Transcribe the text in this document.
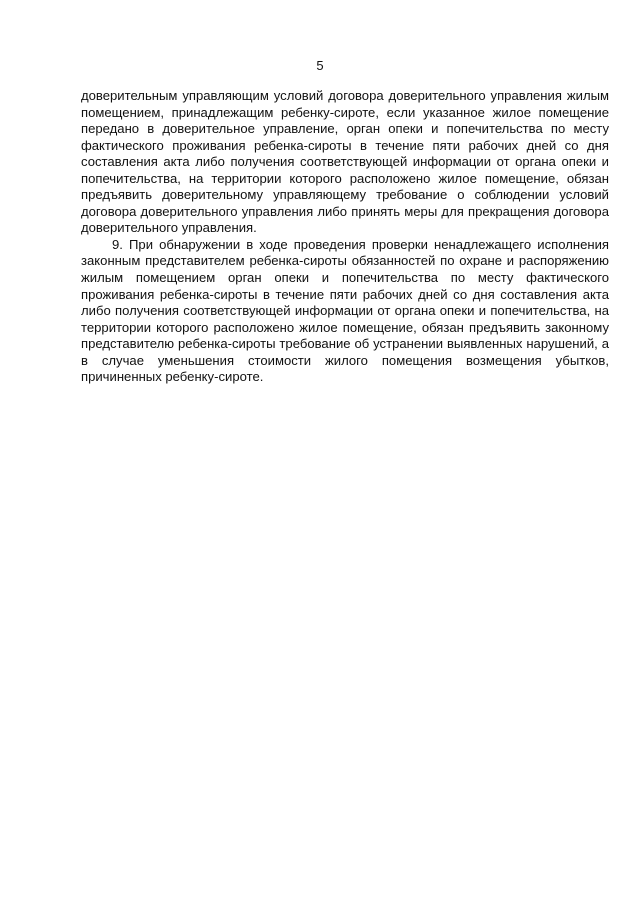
5

доверительным управляющим условий договора доверительного управления жилым помещением, принадлежащим ребенку-сироте, если указанное жилое помещение передано в доверительное управление, орган опеки и попечительства по месту фактического проживания ребенка-сироты в течение пяти рабочих дней со дня составления акта либо получения соответствующей информации от органа опеки и попечительства, на территории которого расположено жилое помещение, обязан предъявить доверительному управляющему требование о соблюдении условий договора доверительного управления либо принять меры для прекращения договора доверительного управления.

9. При обнаружении в ходе проведения проверки ненадлежащего исполнения законным представителем ребенка-сироты обязанностей по охране и распоряжению жилым помещением орган опеки и попечительства по месту фактического проживания ребенка-сироты в течение пяти рабочих дней со дня составления акта либо получения соответствующей информации от органа опеки и попечительства, на территории которого расположено жилое помещение, обязан предъявить законному представителю ребенка-сироты требование об устранении выявленных нарушений, а в случае уменьшения стоимости жилого помещения возмещения убытков, причиненных ребенку-сироте.
